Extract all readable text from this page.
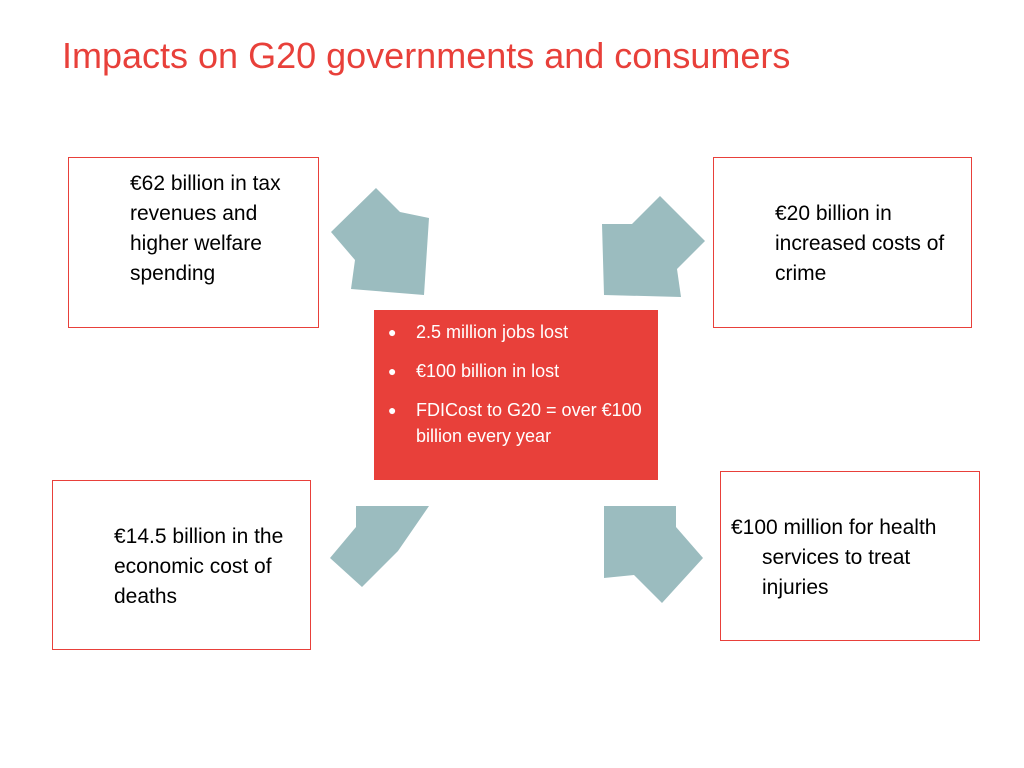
Impacts on G20 governments and consumers
€62 billion in tax revenues and higher welfare spending
€20 billion in increased costs of crime
€14.5 billion in the economic cost of deaths
€100 million for health services to treat injuries
● 2.5 million jobs lost
● €100 billion in lost
● FDICost to G20 = over €100 billion every year
